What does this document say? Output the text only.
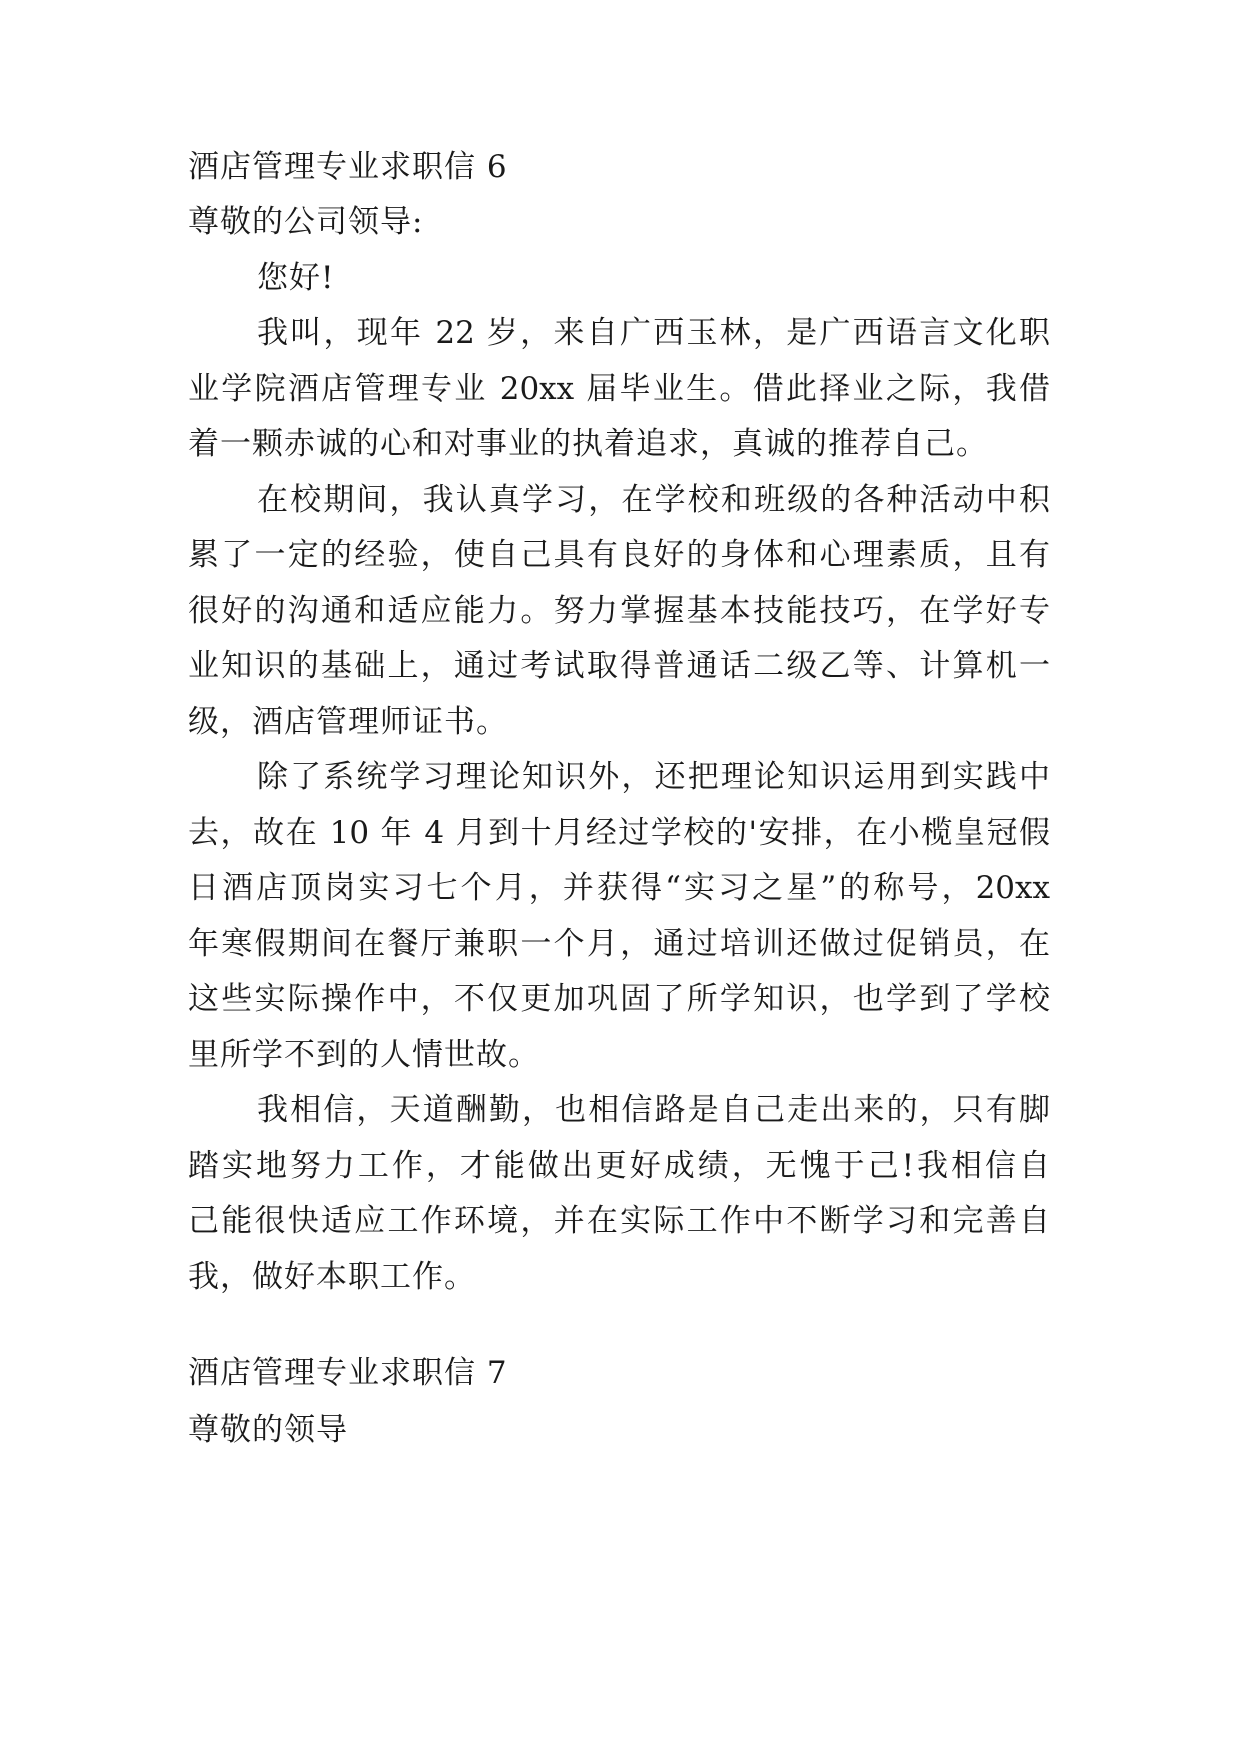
酒店管理专业求职信 6
尊敬的公司领导:
您好!
我叫，现年 22 岁，来自广西玉林，是广西语言文化职
业学院酒店管理专业 20xx 届毕业生。借此择业之际，我借
着一颗赤诚的心和对事业的执着追求，真诚的推荐自己。
在校期间，我认真学习，在学校和班级的各种活动中积
累了一定的经验，使自己具有良好的身体和心理素质，且有
很好的沟通和适应能力。努力掌握基本技能技巧，在学好专
业知识的基础上，通过考试取得普通话二级乙等、计算机一
级，酒店管理师证书。
除了系统学习理论知识外，还把理论知识运用到实践中
去，故在 10 年 4 月到十月经过学校的'安排，在小榄皇冠假
日酒店顶岗实习七个月，并获得“实习之星”的称号，20xx
年寒假期间在餐厅兼职一个月，通过培训还做过促销员，在
这些实际操作中，不仅更加巩固了所学知识，也学到了学校
里所学不到的人情世故。
我相信，天道酬勤，也相信路是自己走出来的，只有脚
踏实地努力工作，才能做出更好成绩，无愧于己!我相信自
己能很快适应工作环境，并在实际工作中不断学习和完善自
我，做好本职工作。
酒店管理专业求职信 7
尊敬的领导
